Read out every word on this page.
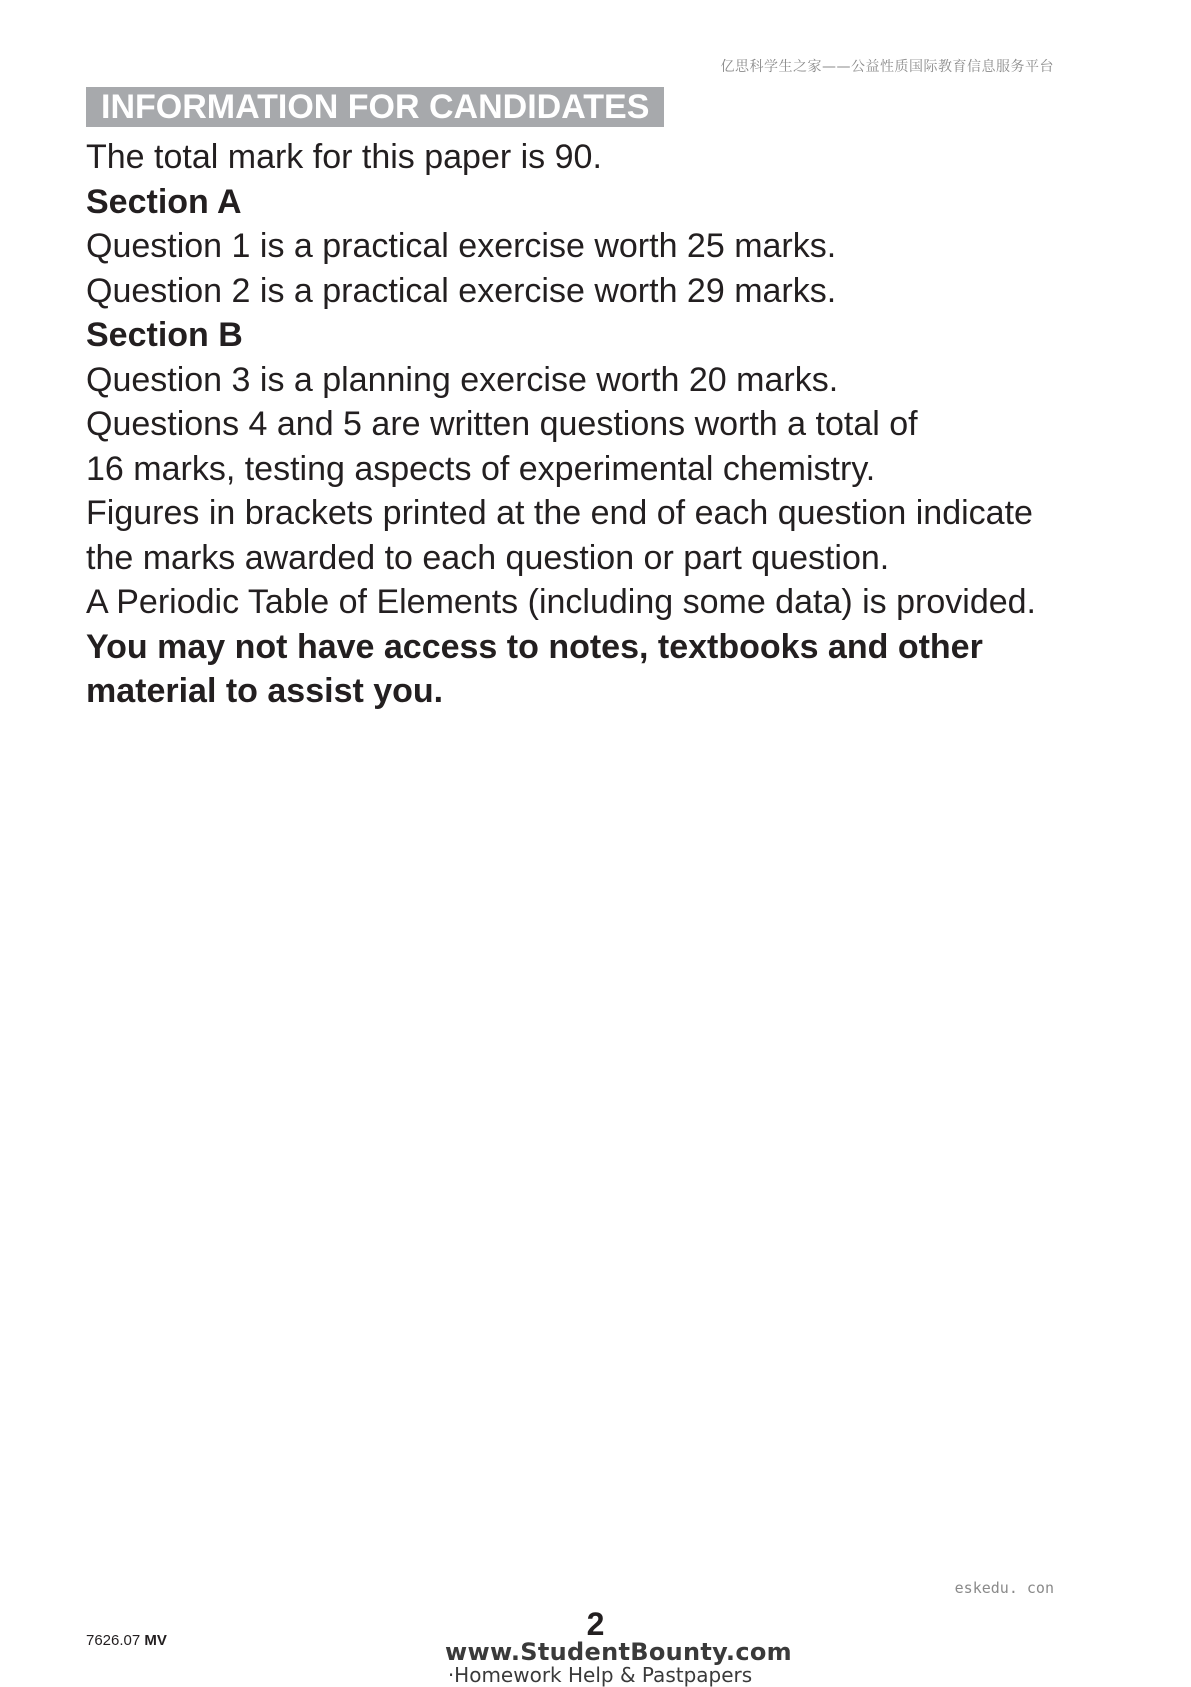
亿思科学生之家——公益性质国际教育信息服务平台
INFORMATION FOR CANDIDATES
The total mark for this paper is 90.
Section A
Question 1 is a practical exercise worth 25 marks.
Question 2 is a practical exercise worth 29 marks.
Section B
Question 3 is a planning exercise worth 20 marks.
Questions 4 and 5 are written questions worth a total of
16 marks, testing aspects of experimental chemistry.
Figures in brackets printed at the end of each question indicate
the marks awarded to each question or part question.
A Periodic Table of Elements (including some data) is provided.
You may not have access to notes, textbooks and other
material to assist you.
eskedu. con
7626.07 MV	2
www.StudentBounty.com
·Homework Help & Pastpapers
